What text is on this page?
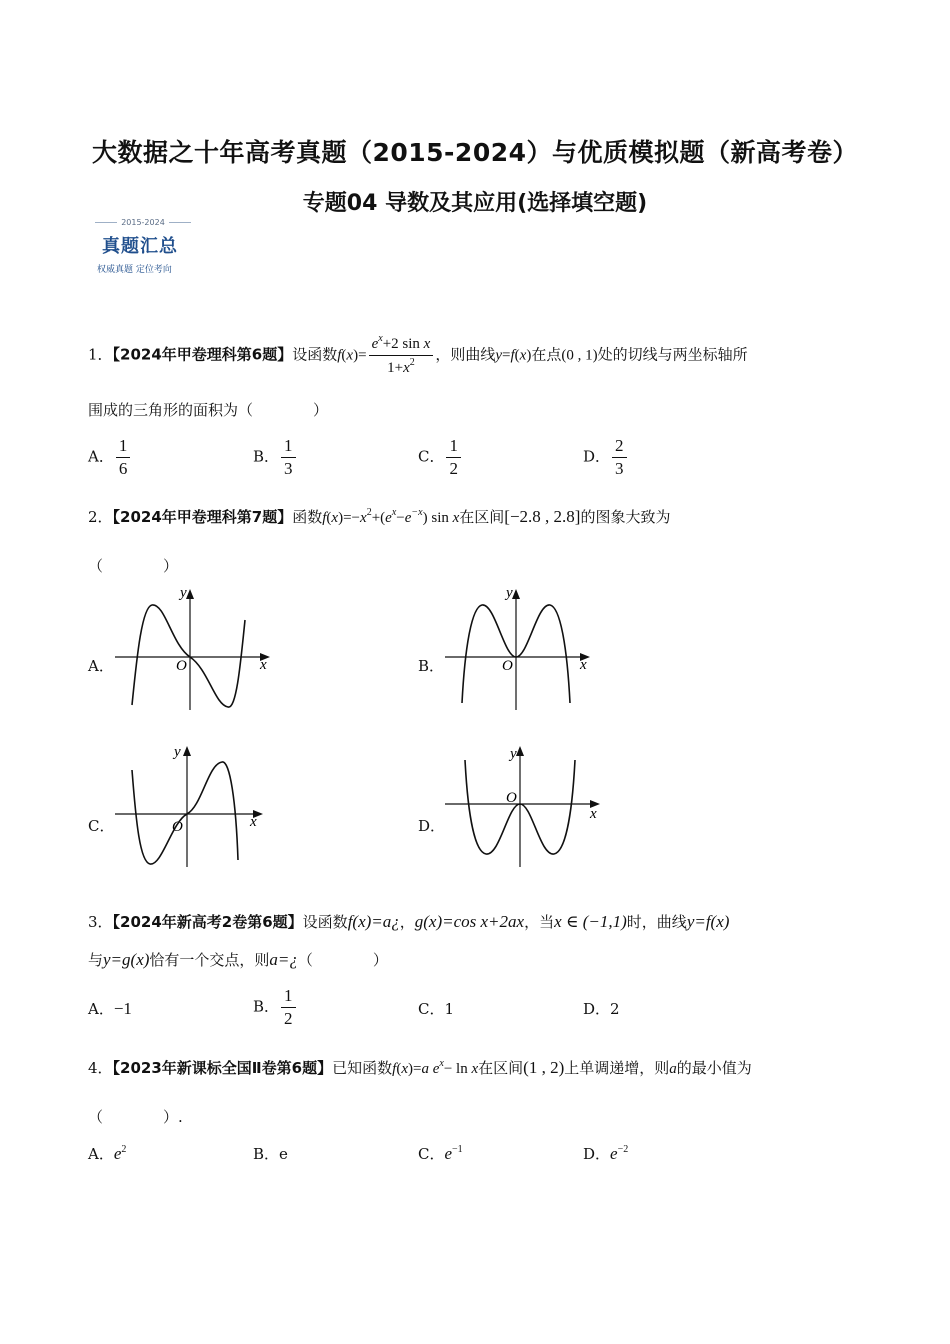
大数据之十年高考真题（2015-2024）与优质模拟题（新高考卷）
专题04 导数及其应用(选择填空题)
2015-2024
真题汇总
权威真题 定位考向
1．【2024年甲卷理科第6题】设函数$f(x)= \frac{e^x+2 \sin x}{1+x^2}$ ，则曲线y=f(x)在点(0 , 1)处的切线与两坐标轴所
围成的三角形的面积为（　　　　）
A． $\frac{1}{6}$	B． $\frac{1}{3}$	C． $\frac{1}{2}$	D． $\frac{2}{3}$
2．【2024年甲卷理科第7题】函数$f(x)=-x^2+(e^x-e^{-x})$ sin x在区间[−2.8 , 2.8]的图象大致为
（　　　　）
A．
y
x
O	B．
y
x
O
C．
y
x
O	D．
y
x
O
3．【2024年新高考2卷第6题】设函数f(x)=a¿，g(x)=cos x+2ax，当x ∈ (−1,1)时，曲线y=f(x)
与y=g(x)恰有一个交点，则a=¿（　　　　）
A．−1	B． $\frac{1}{2}$	C．1	D．2
4．【2023年新课标全国Ⅱ卷第6题】已知函数f(x)=a $e^x- \ln x$在区间(1 , 2)上单调递增，则a的最小值为
（　　　　）.
A．$e^2$	B．e	C．$e^{-1}$	D．$e^{-2}$
